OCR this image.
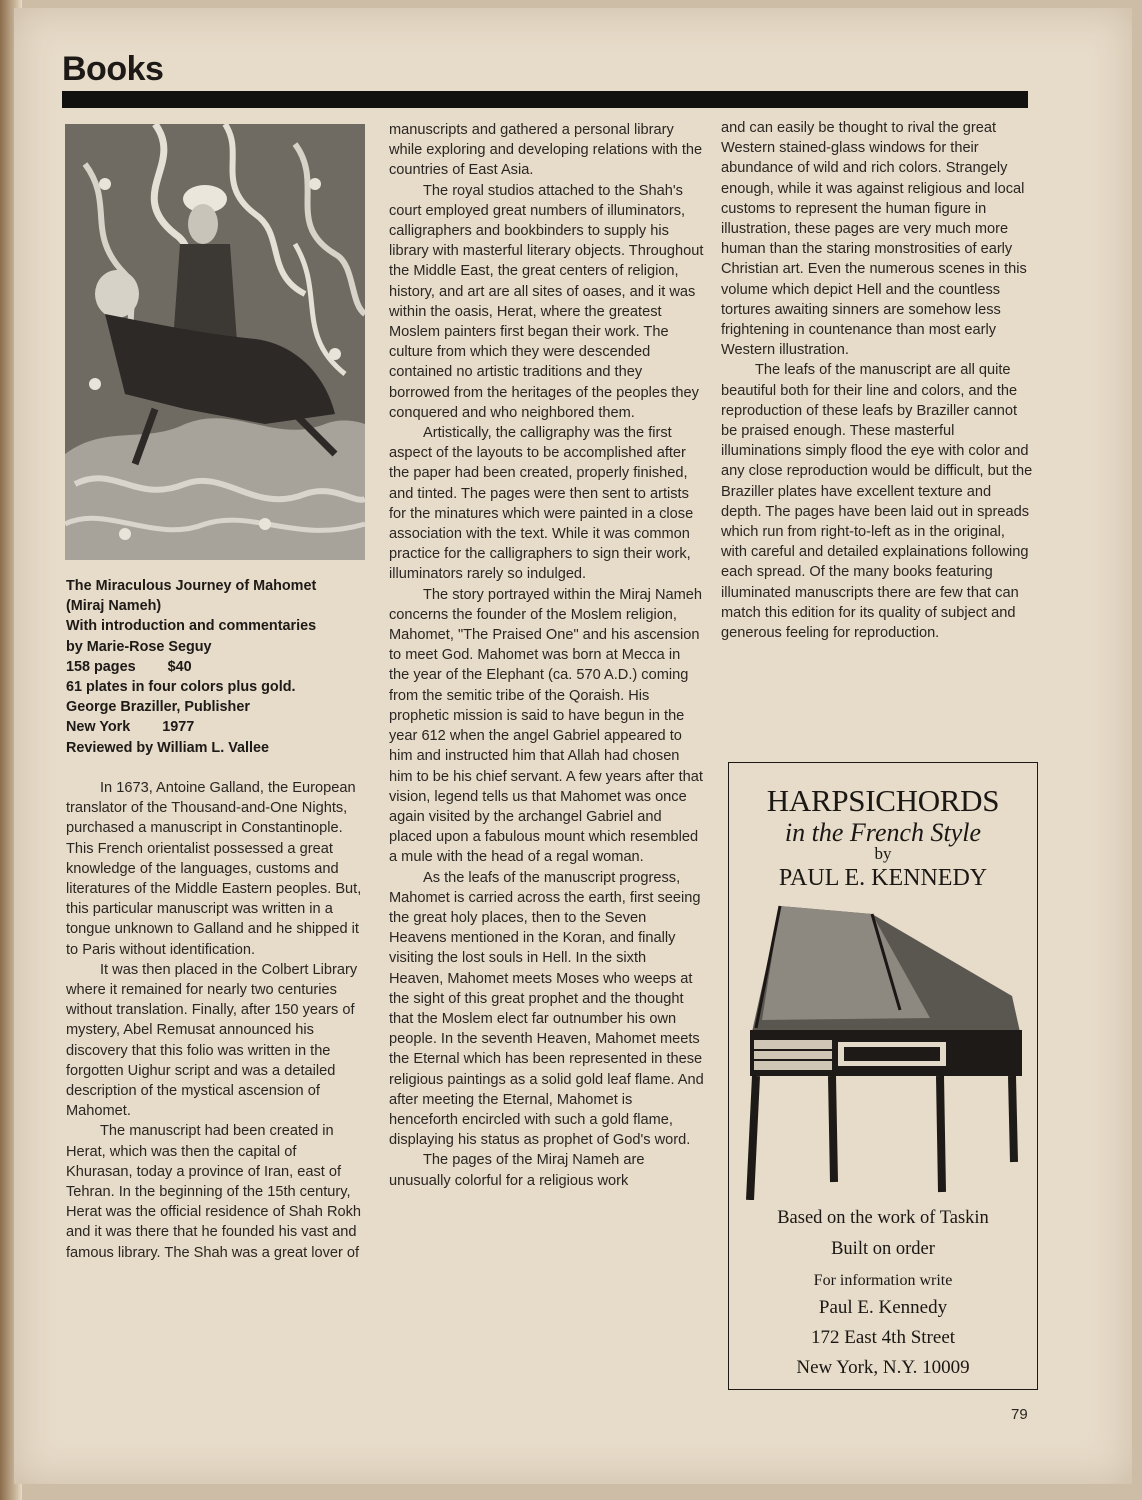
Books
The Miraculous Journey of Mahomet
(Miraj Nameh)
With introduction and commentaries
by Marie-Rose Seguy
158 pages        $40
61 plates in four colors plus gold.
George Braziller, Publisher
New York        1977
Reviewed by William L. Vallee

In 1673, Antoine Galland, the European translator of the Thousand-and-One Nights, purchased a manuscript in Constantinople. This French orientalist possessed a great knowledge of the languages, customs and literatures of the Middle Eastern peoples. But, this particular manuscript was written in a tongue unknown to Galland and he shipped it to Paris without identification.

It was then placed in the Colbert Library where it remained for nearly two centuries without translation. Finally, after 150 years of mystery, Abel Remusat announced his discovery that this folio was written in the forgotten Uighur script and was a detailed description of the mystical ascension of Mahomet.

The manuscript had been created in Herat, which was then the capital of Khurasan, today a province of Iran, east of Tehran. In the beginning of the 15th century, Herat was the official residence of Shah Rokh and it was there that he founded his vast and famous library. The Shah was a great lover of

manuscripts and gathered a personal library while exploring and developing relations with the countries of East Asia.

The royal studios attached to the Shah's court employed great numbers of illuminators, calligraphers and bookbinders to supply his library with masterful literary objects. Throughout the Middle East, the great centers of religion, history, and art are all sites of oases, and it was within the oasis, Herat, where the greatest Moslem painters first began their work. The culture from which they were descended contained no artistic traditions and they borrowed from the heritages of the peoples they conquered and who neighbored them.

Artistically, the calligraphy was the first aspect of the layouts to be accomplished after the paper had been created, properly finished, and tinted. The pages were then sent to artists for the minatures which were painted in a close association with the text. While it was common practice for the calligraphers to sign their work, illuminators rarely so indulged.

The story portrayed within the Miraj Nameh concerns the founder of the Moslem religion, Mahomet, "The Praised One" and his ascension to meet God. Mahomet was born at Mecca in the year of the Elephant (ca. 570 A.D.) coming from the semitic tribe of the Qoraish. His prophetic mission is said to have begun in the year 612 when the angel Gabriel appeared to him and instructed him that Allah had chosen him to be his chief servant. A few years after that vision, legend tells us that Mahomet was once again visited by the archangel Gabriel and placed upon a fabulous mount which resembled a mule with the head of a regal woman.

As the leafs of the manuscript progress, Mahomet is carried across the earth, first seeing the great holy places, then to the Seven Heavens mentioned in the Koran, and finally visiting the lost souls in Hell. In the sixth Heaven, Mahomet meets Moses who weeps at the sight of this great prophet and the thought that the Moslem elect far outnumber his own people. In the seventh Heaven, Mahomet meets the Eternal which has been represented in these religious paintings as a solid gold leaf flame. And after meeting the Eternal, Mahomet is henceforth encircled with such a gold flame, displaying his status as prophet of God's word.

The pages of the Miraj Nameh are unusually colorful for a religious work

and can easily be thought to rival the great Western stained-glass windows for their abundance of wild and rich colors. Strangely enough, while it was against religious and local customs to represent the human figure in illustration, these pages are very much more human than the staring monstrosities of early Christian art. Even the numerous scenes in this volume which depict Hell and the countless tortures awaiting sinners are somehow less frightening in countenance than most early Western illustration.

The leafs of the manuscript are all quite beautiful both for their line and colors, and the reproduction of these leafs by Braziller cannot be praised enough. These masterful illuminations simply flood the eye with color and any close reproduction would be difficult, but the Braziller plates have excellent texture and depth. The pages have been laid out in spreads which run from right-to-left as in the original, with careful and detailed explainations following each spread. Of the many books featuring illuminated manuscripts there are few that can match this edition for its quality of subject and generous feeling for reproduction.

HARPSICHORDS
in the French Style
by
PAUL E. KENNEDY
Based on the work of Taskin
Built on order
For information write
Paul E. Kennedy
172 East 4th Street
New York, N.Y. 10009
79
